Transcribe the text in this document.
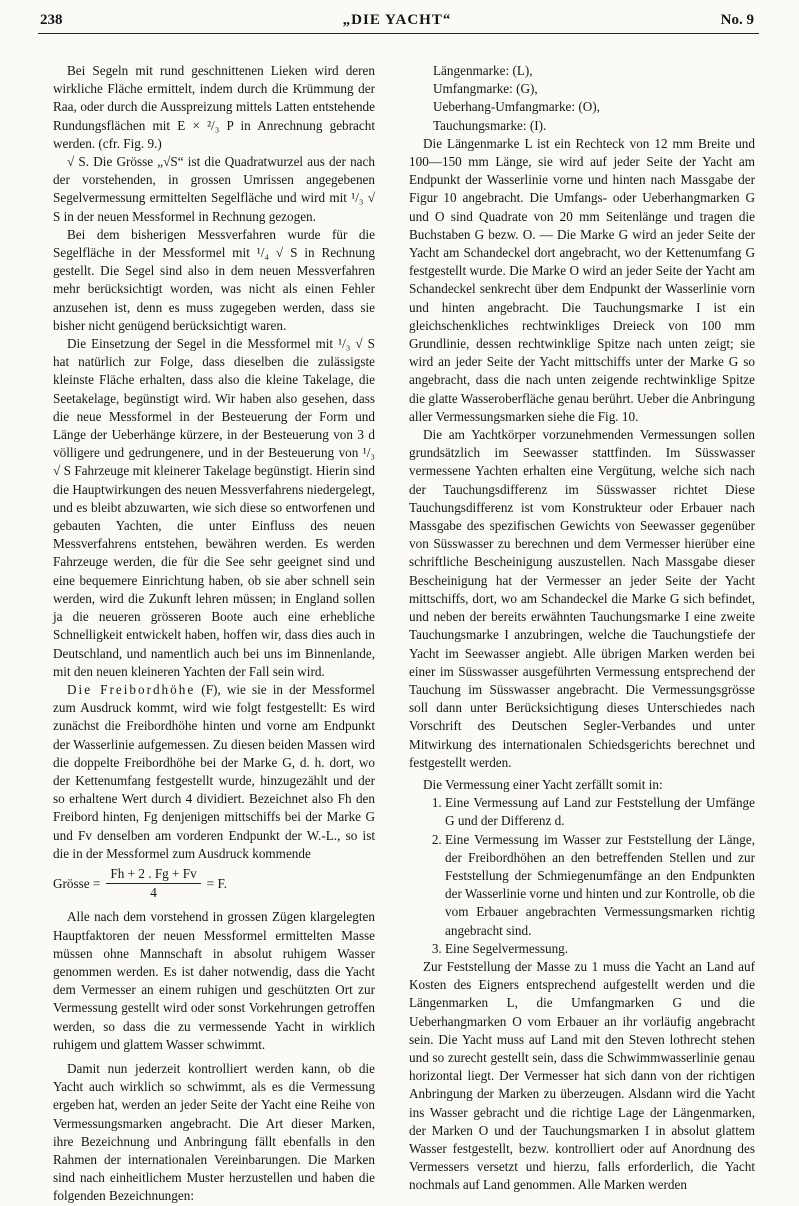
238	„DIE YACHT“	No. 9

Bei Segeln mit rund geschnittenen Lieken wird deren wirkliche Fläche ermittelt, indem durch die Krümmung der Raa, oder durch die Ausspreizung mittels Latten entstehende Rundungsflächen mit E × ²/₃ P in Anrechnung gebracht werden. (cfr. Fig. 9.)

√ S. Die Grösse „√S“ ist die Quadratwurzel aus der nach der vorstehenden, in grossen Umrissen angegebenen Segelvermessung ermittelten Segelfläche und wird mit ¹/₃ √ S in der neuen Messformel in Rechnung gezogen.

Bei dem bisherigen Messverfahren wurde für die Segelfläche in der Messformel mit ¹/₄ √ S in Rechnung gestellt. Die Segel sind also in dem neuen Messverfahren mehr berücksichtigt worden, was nicht als einen Fehler anzusehen ist, denn es muss zugegeben werden, dass sie bisher nicht genügend berücksichtigt waren.

Die Einsetzung der Segel in die Messformel mit ¹/₃ √ S hat natürlich zur Folge, dass dieselben die zulässigste kleinste Fläche erhalten, dass also die kleine Takelage, die Seetakelage, begünstigt wird. Wir haben also gesehen, dass die neue Messformel in der Besteuerung der Form und Länge der Ueberhänge kürzere, in der Besteuerung von 3 d völligere und gedrungenere, und in der Besteuerung von ¹/₃ √ S Fahrzeuge mit kleinerer Takelage begünstigt. Hierin sind die Hauptwirkungen des neuen Messverfahrens niedergelegt, und es bleibt abzuwarten, wie sich diese so entworfenen und gebauten Yachten, die unter Einfluss des neuen Messverfahrens entstehen, bewähren werden. Es werden Fahrzeuge werden, die für die See sehr geeignet sind und eine bequemere Einrichtung haben, ob sie aber schnell sein werden, wird die Zukunft lehren müssen; in England sollen ja die neueren grösseren Boote auch eine erhebliche Schnelligkeit entwickelt haben, hoffen wir, dass dies auch in Deutschland, und namentlich auch bei uns im Binnenlande, mit den neuen kleineren Yachten der Fall sein wird.

Die Freibordhöhe (F), wie sie in der Messformel zum Ausdruck kommt, wird wie folgt festgestellt: Es wird zunächst die Freibordhöhe hinten und vorne am Endpunkt der Wasserlinie aufgemessen. Zu diesen beiden Massen wird die doppelte Freibordhöhe bei der Marke G, d. h. dort, wo der Kettenumfang festgestellt wurde, hinzugezählt und der so erhaltene Wert durch 4 dividiert. Bezeichnet also Fh den Freibord hinten, Fg denjenigen mittschiffs bei der Marke G und Fv denselben am vorderen Endpunkt der W.-L., so ist die in der Messformel zum Ausdruck kommende

Grösse = $\frac{Fh + 2 . Fg + Fv}{4} = F$.

Alle nach dem vorstehend in grossen Zügen klargelegten Hauptfaktoren der neuen Messformel ermittelten Masse müssen ohne Mannschaft in absolut ruhigem Wasser genommen werden. Es ist daher notwendig, dass die Yacht dem Vermesser an einem ruhigen und geschützten Ort zur Vermessung gestellt wird oder sonst Vorkehrungen getroffen werden, so dass die zu vermessende Yacht in wirklich ruhigem und glattem Wasser schwimmt.

Damit nun jederzeit kontrolliert werden kann, ob die Yacht auch wirklich so schwimmt, als es die Vermessung ergeben hat, werden an jeder Seite der Yacht eine Reihe von Vermessungsmarken angebracht. Die Art dieser Marken, ihre Bezeichnung und Anbringung fällt ebenfalls in den Rahmen der internationalen Vereinbarungen. Die Marken sind nach einheitlichem Muster herzustellen und haben die folgenden Bezeichnungen:

Längenmarke: (L),

Umfangmarke: (G),

Ueberhang-Umfangmarke: (O),

Tauchungsmarke: (I).

Die Längenmarke L ist ein Rechteck von 12 mm Breite und 100—150 mm Länge, sie wird auf jeder Seite der Yacht am Endpunkt der Wasserlinie vorne und hinten nach Massgabe der Figur 10 angebracht. Die Umfangs- oder Ueberhangmarken G und O sind Quadrate von 20 mm Seitenlänge und tragen die Buchstaben G bezw. O. — Die Marke G wird an jeder Seite der Yacht am Schandeckel dort angebracht, wo der Kettenumfang G festgestellt wurde. Die Marke O wird an jeder Seite der Yacht am Schandeckel senkrecht über dem Endpunkt der Wasserlinie vorn und hinten angebracht. Die Tauchungsmarke I ist ein gleichschenkliches rechtwinkliges Dreieck von 100 mm Grundlinie, dessen rechtwinklige Spitze nach unten zeigt; sie wird an jeder Seite der Yacht mittschiffs unter der Marke G so angebracht, dass die nach unten zeigende rechtwinklige Spitze die glatte Wasseroberfläche genau berührt. Ueber die Anbringung aller Vermessungsmarken siehe die Fig. 10.

Die am Yachtkörper vorzunehmenden Vermessungen sollen grundsätzlich im Seewasser stattfinden. Im Süsswasser vermessene Yachten erhalten eine Vergütung, welche sich nach der Tauchungsdifferenz im Süsswasser richtet Diese Tauchungsdifferenz ist vom Konstrukteur oder Erbauer nach Massgabe des spezifischen Gewichts von Seewasser gegenüber von Süsswasser zu berechnen und dem Vermesser hierüber eine schriftliche Bescheinigung auszustellen. Nach Massgabe dieser Bescheinigung hat der Vermesser an jeder Seite der Yacht mittschiffs, dort, wo am Schandeckel die Marke G sich befindet, und neben der bereits erwähnten Tauchungsmarke I eine zweite Tauchungsmarke I anzubringen, welche die Tauchungstiefe der Yacht im Seewasser angiebt. Alle übrigen Marken werden bei einer im Süsswasser ausgeführten Vermessung entsprechend der Tauchung im Süsswasser angebracht. Die Vermessungsgrösse soll dann unter Berücksichtigung dieses Unterschiedes nach Vorschrift des Deutschen Segler-Verbandes und unter Mitwirkung des internationalen Schiedsgerichts berechnet und festgestellt werden.

Die Vermessung einer Yacht zerfällt somit in:

1. Eine Vermessung auf Land zur Feststellung der Umfänge G und der Differenz d.
2. Eine Vermessung im Wasser zur Feststellung der Länge, der Freibordhöhen an den betreffenden Stellen und zur Feststellung der Schmiegenumfänge an den Endpunkten der Wasserlinie vorne und hinten und zur Kontrolle, ob die vom Erbauer angebrachten Vermessungsmarken richtig angebracht sind.
3. Eine Segelvermessung.

Zur Feststellung der Masse zu 1 muss die Yacht an Land auf Kosten des Eigners entsprechend aufgestellt werden und die Längenmarken L, die Umfangmarken G und die Ueberhangmarken O vom Erbauer an ihr vorläufig angebracht sein. Die Yacht muss auf Land mit den Steven lothrecht stehen und so zurecht gestellt sein, dass die Schwimmwasserlinie genau horizontal liegt. Der Vermesser hat sich dann von der richtigen Anbringung der Marken zu überzeugen. Alsdann wird die Yacht ins Wasser gebracht und die richtige Lage der Längenmarken, der Marken O und der Tauchungsmarken I in absolut glattem Wasser festgestellt, bezw. kontrolliert oder auf Anordnung des Vermessers versetzt und hierzu, falls erforderlich, die Yacht nochmals auf Land genommen. Alle Marken werden
